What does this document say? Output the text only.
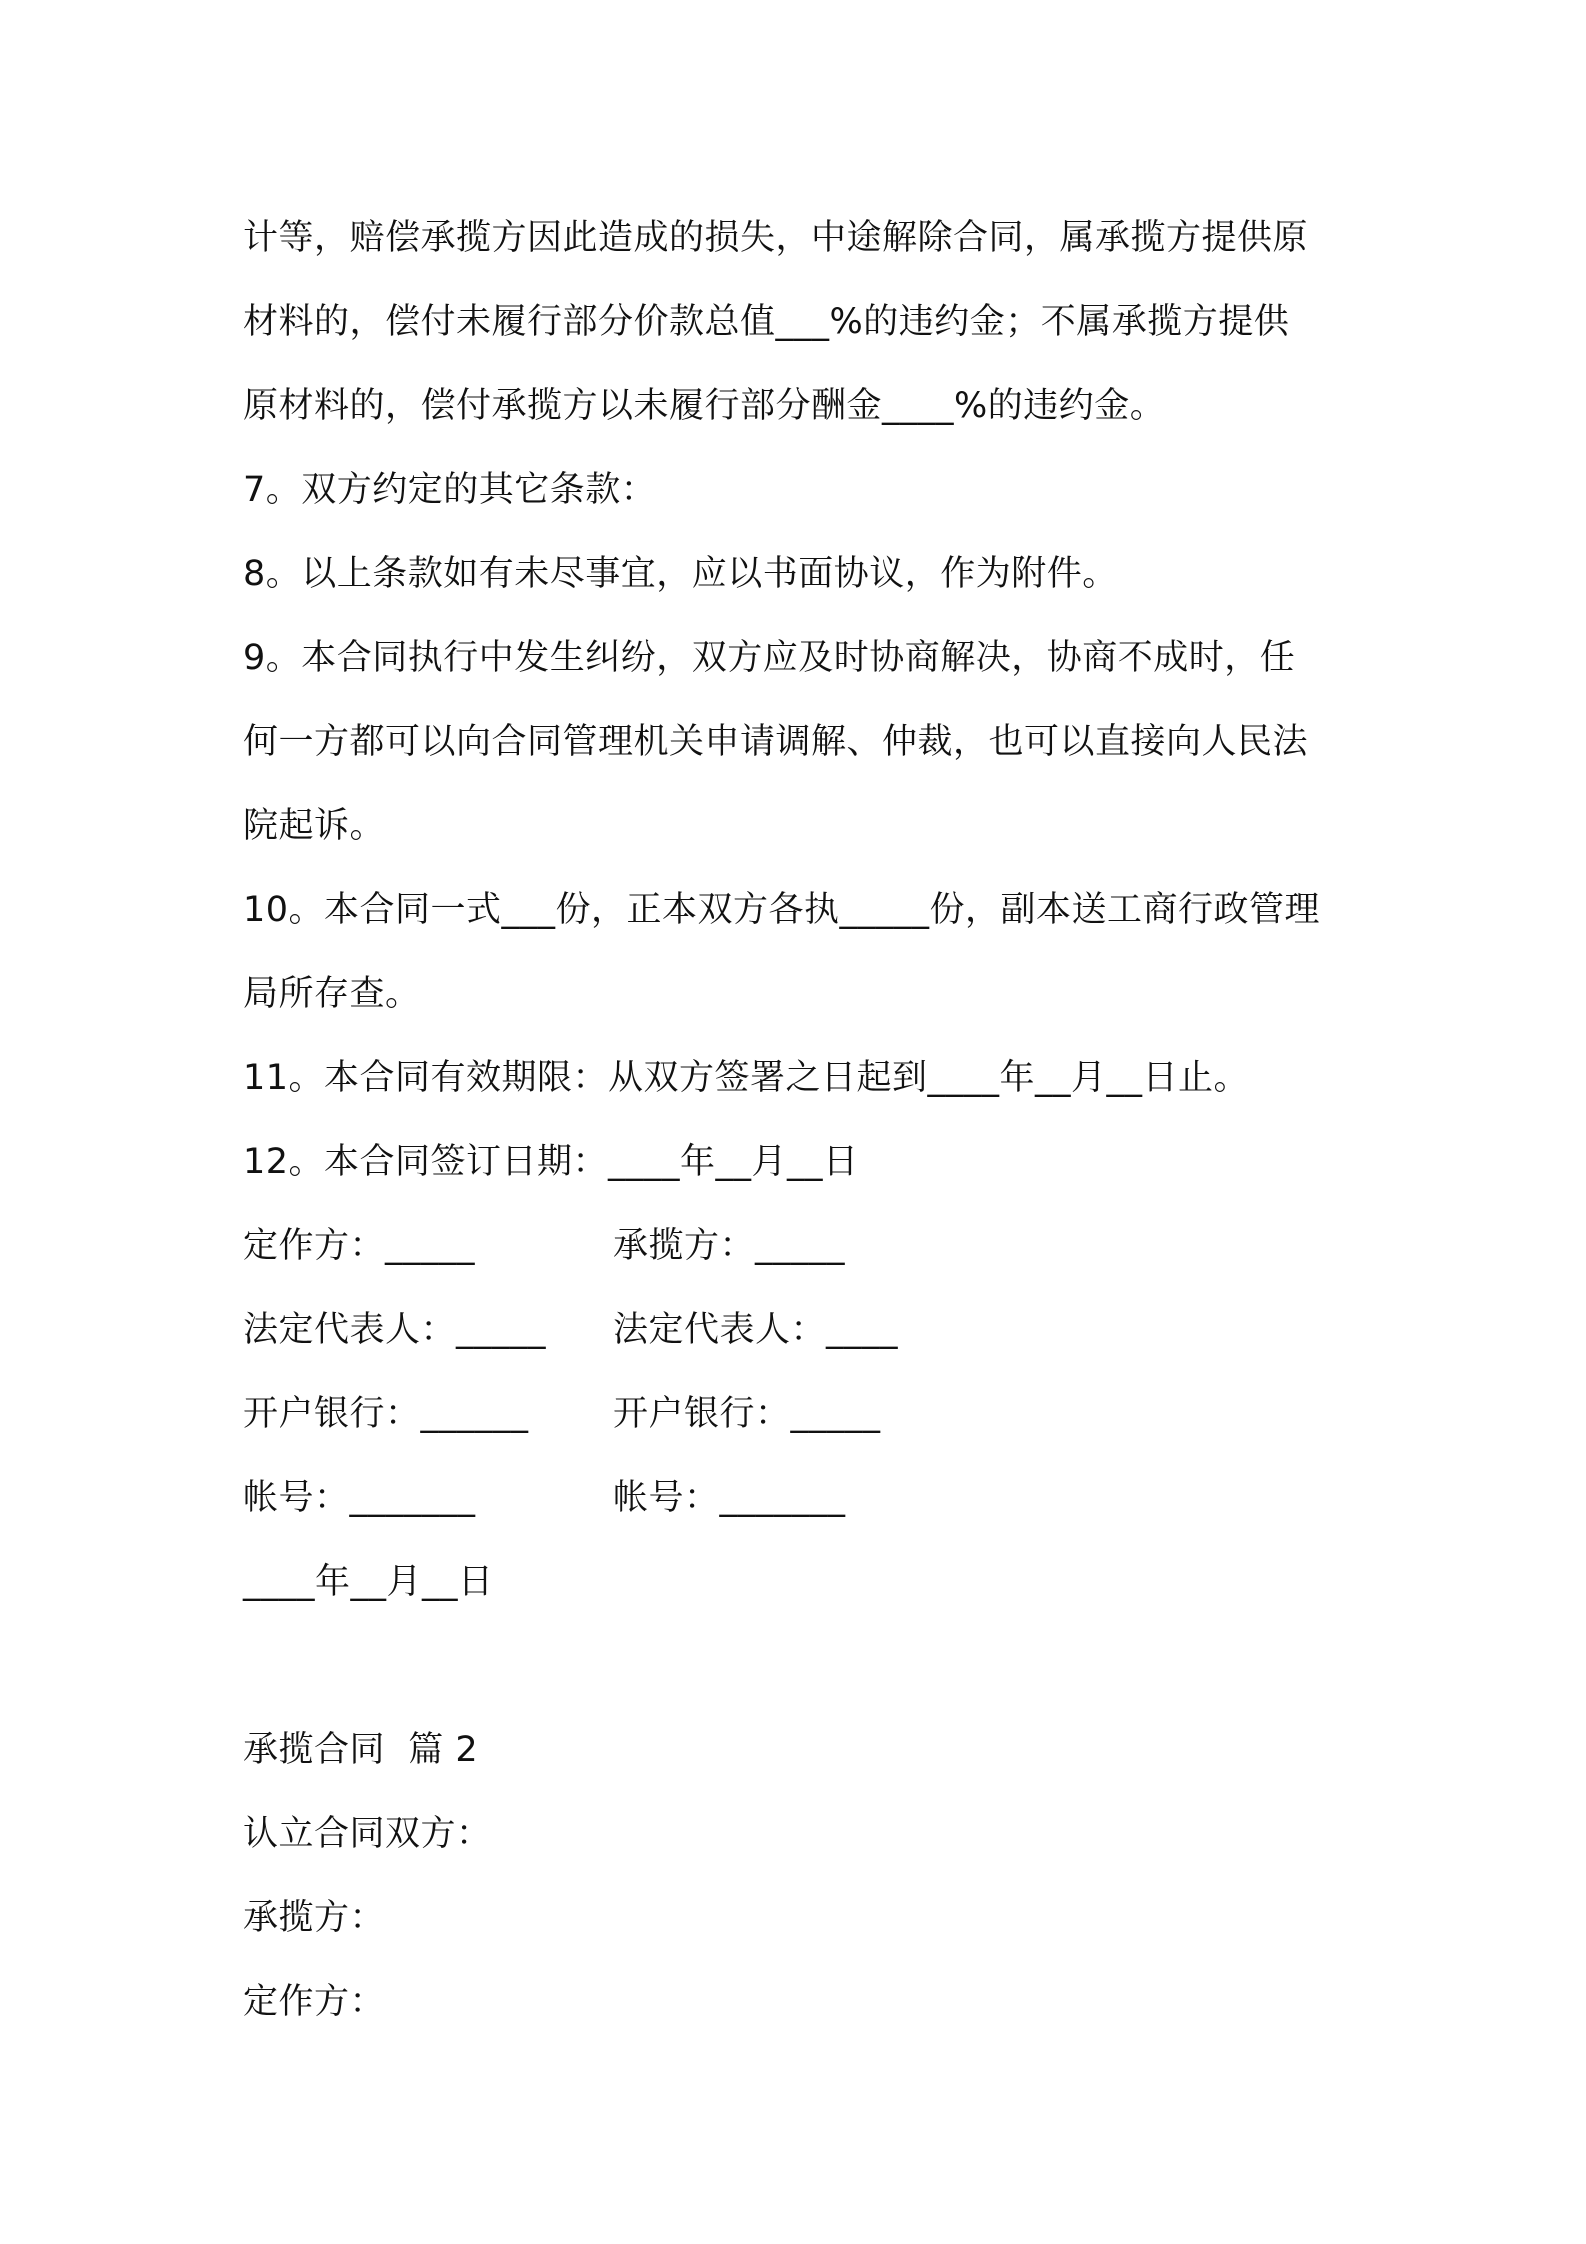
计等，赔偿承揽方因此造成的损失，中途解除合同，属承揽方提供原
材料的，偿付未履行部分价款总值___%的违约金；不属承揽方提供
原材料的，偿付承揽方以未履行部分酬金____%的违约金。
7。双方约定的其它条款：
8。以上条款如有未尽事宜，应以书面协议，作为附件。
9。本合同执行中发生纠纷，双方应及时协商解决，协商不成时，任
何一方都可以向合同管理机关申请调解、仲裁，也可以直接向人民法
院起诉。
10。本合同一式___份，正本双方各执_____份，副本送工商行政管理
局所存查。
11。本合同有效期限：从双方签署之日起到____年__月__日止。
12。本合同签订日期：____年__月__日
定作方：_____	承揽方：_____
法定代表人：_____	法定代表人：____
开户银行：______	开户银行：_____
帐号：_______	帐号：_______
____年__月__日
承揽合同  篇 2
认立合同双方：
承揽方：
定作方：
